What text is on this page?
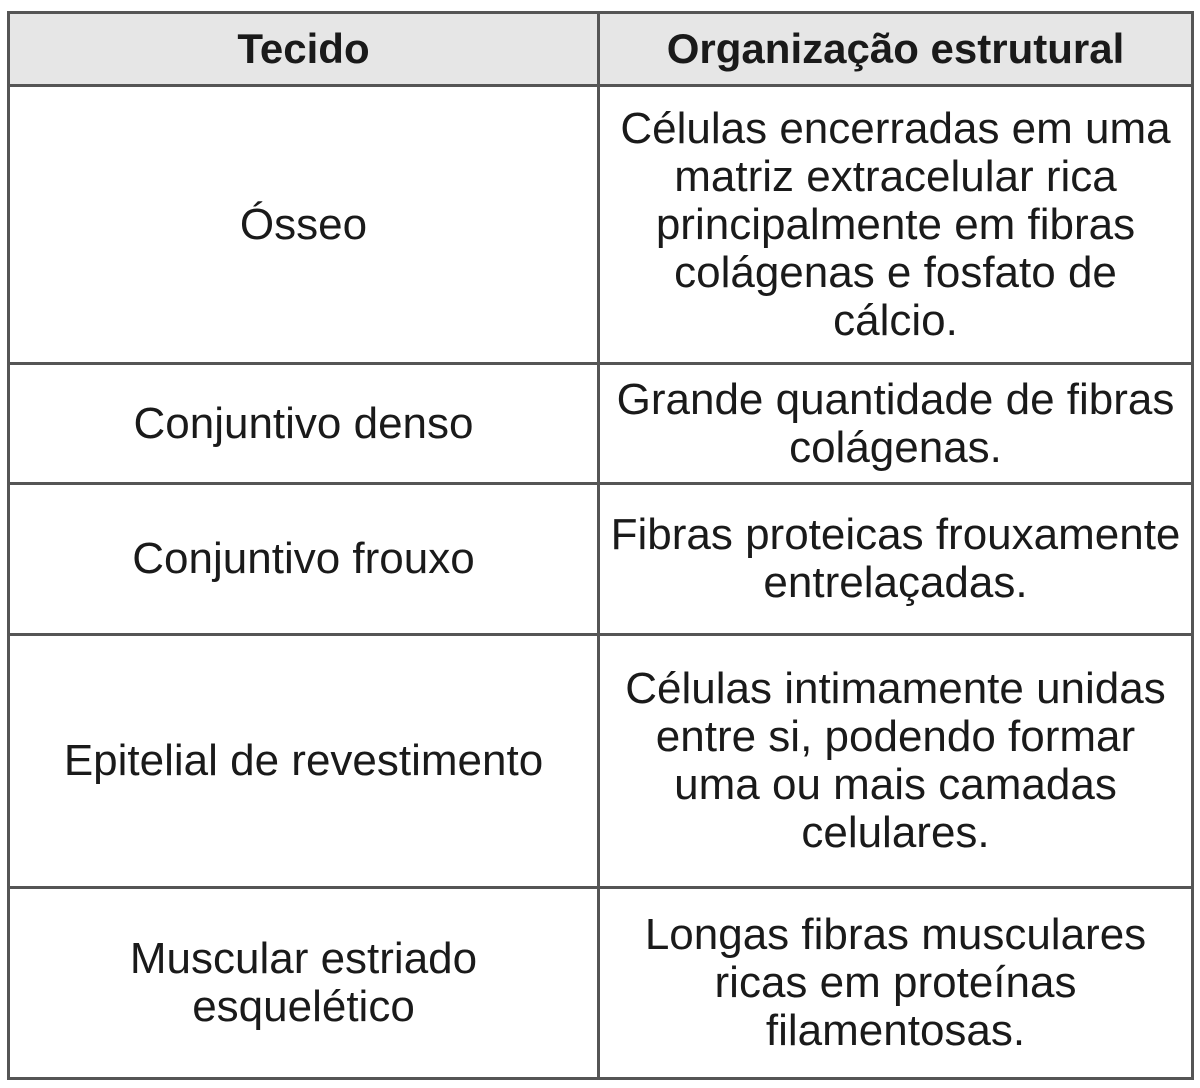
Tecido	Organização estrutural
Ósseo	Células encerradas em uma matriz extracelular rica principalmente em fibras colágenas e fosfato de cálcio.
Conjuntivo denso	Grande quantidade de fibras colágenas.
Conjuntivo frouxo	Fibras proteicas frouxamente entrelaçadas.
Epitelial de revestimento	Células intimamente unidas entre si, podendo formar uma ou mais camadas celulares.
Muscular estriado esquelético	Longas fibras musculares ricas em proteínas filamentosas.
